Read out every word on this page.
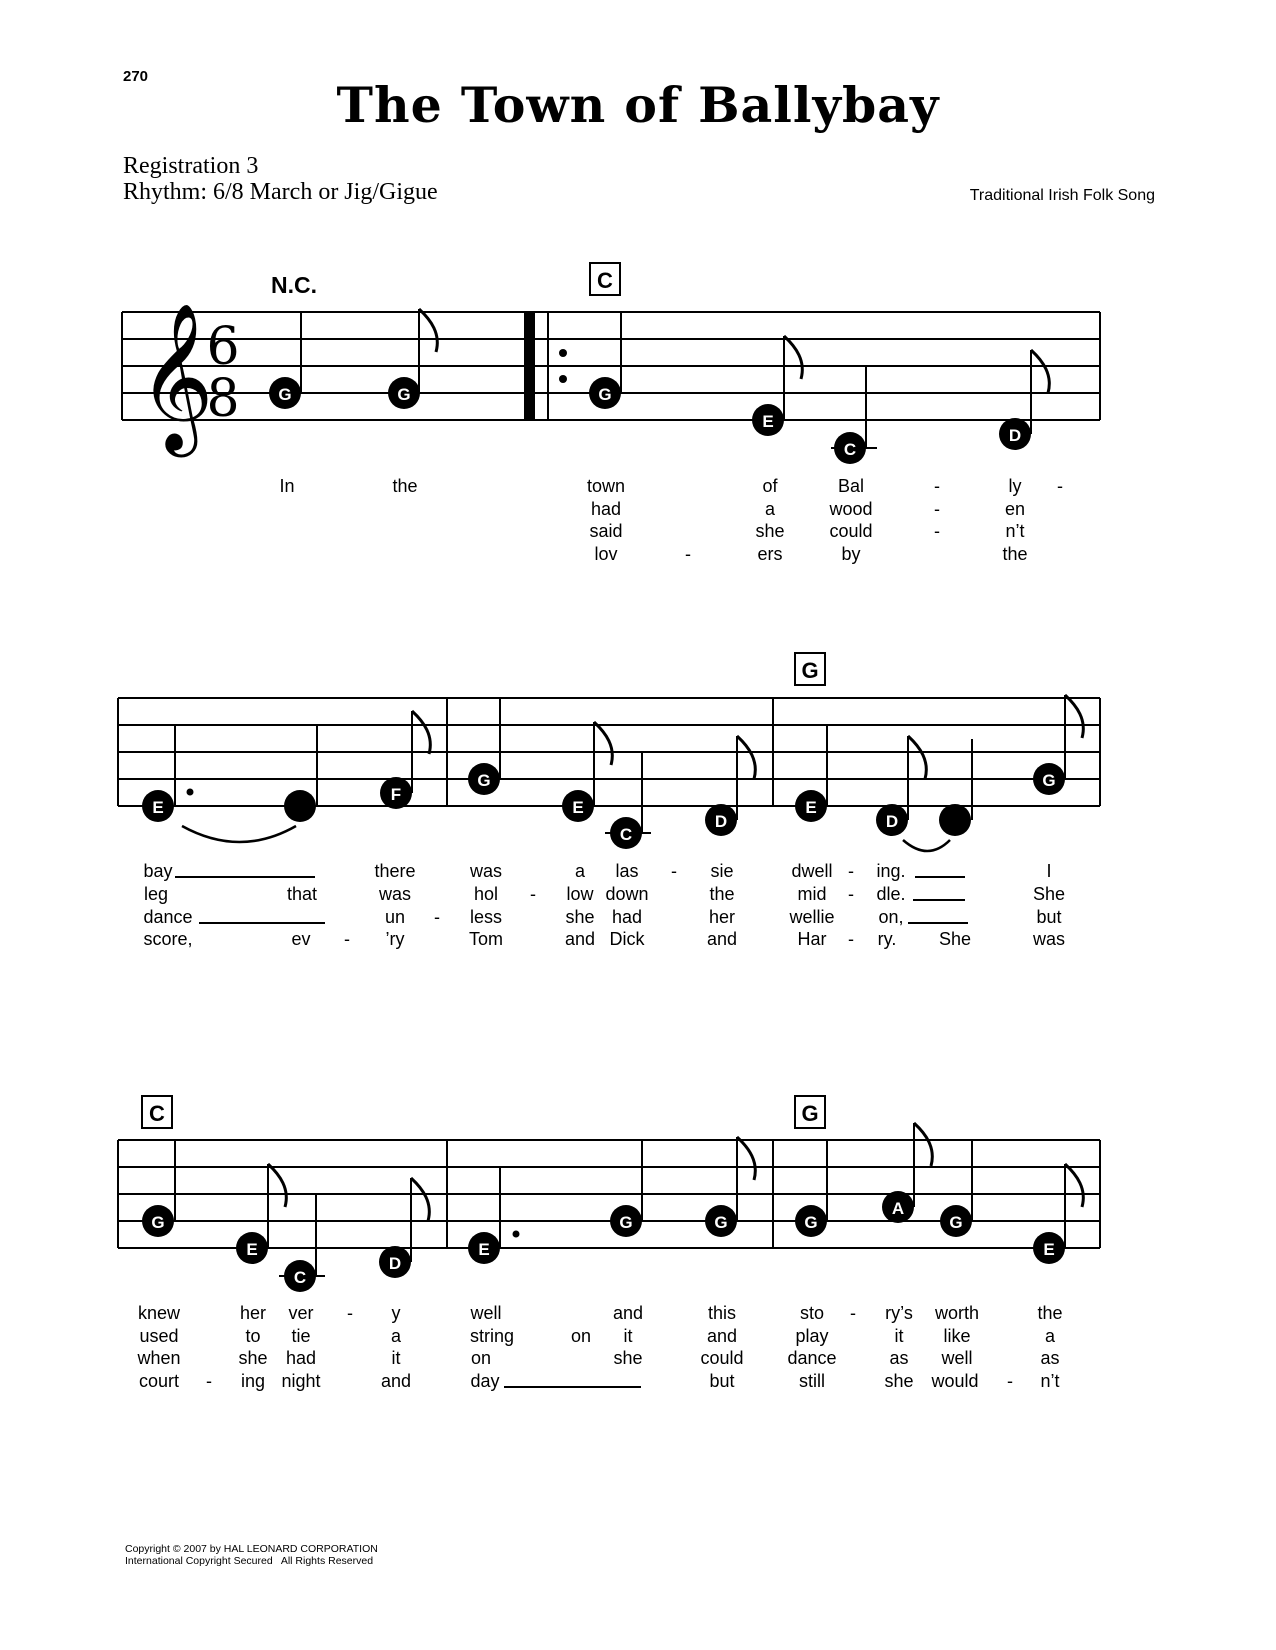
270	The Town of Ballybay
Registration 3
Rhythm: 6/8 March or Jig/Gigue	Traditional Irish Folk Song
𝄞
6
8
N.C.	C
G	G	G
E
C
D
In	the	town	of	Bal	-	ly -
had	a	wood	-	en
said	she could	-	n’t
lov	-	ers	by	the
G
E
F
G
E
C
D
E
D
G
bay	there	was	a las - sie	dwell - ing.	I
leg	that	was	hol - low down	the	mid - dle.	She
dance	un - less	she had	her	wellie on,	but
score,	ev - ’ry	Tom	and Dick	and	Har - ry. She	was
C	G
G
E
C
D
E
G	G	G
A
G
E
knew	her ver - y	well	and	this	sto - ry’s worth	the
used	to tie	a	string	on it	and	play	it like	a
when	she had	it	on	she	could dance	as well	as
court - ing night	and	day	but	still	she would - n’t
Copyright © 2007 by HAL LEONARD CORPORATION
International Copyright Secured   All Rights Reserved
